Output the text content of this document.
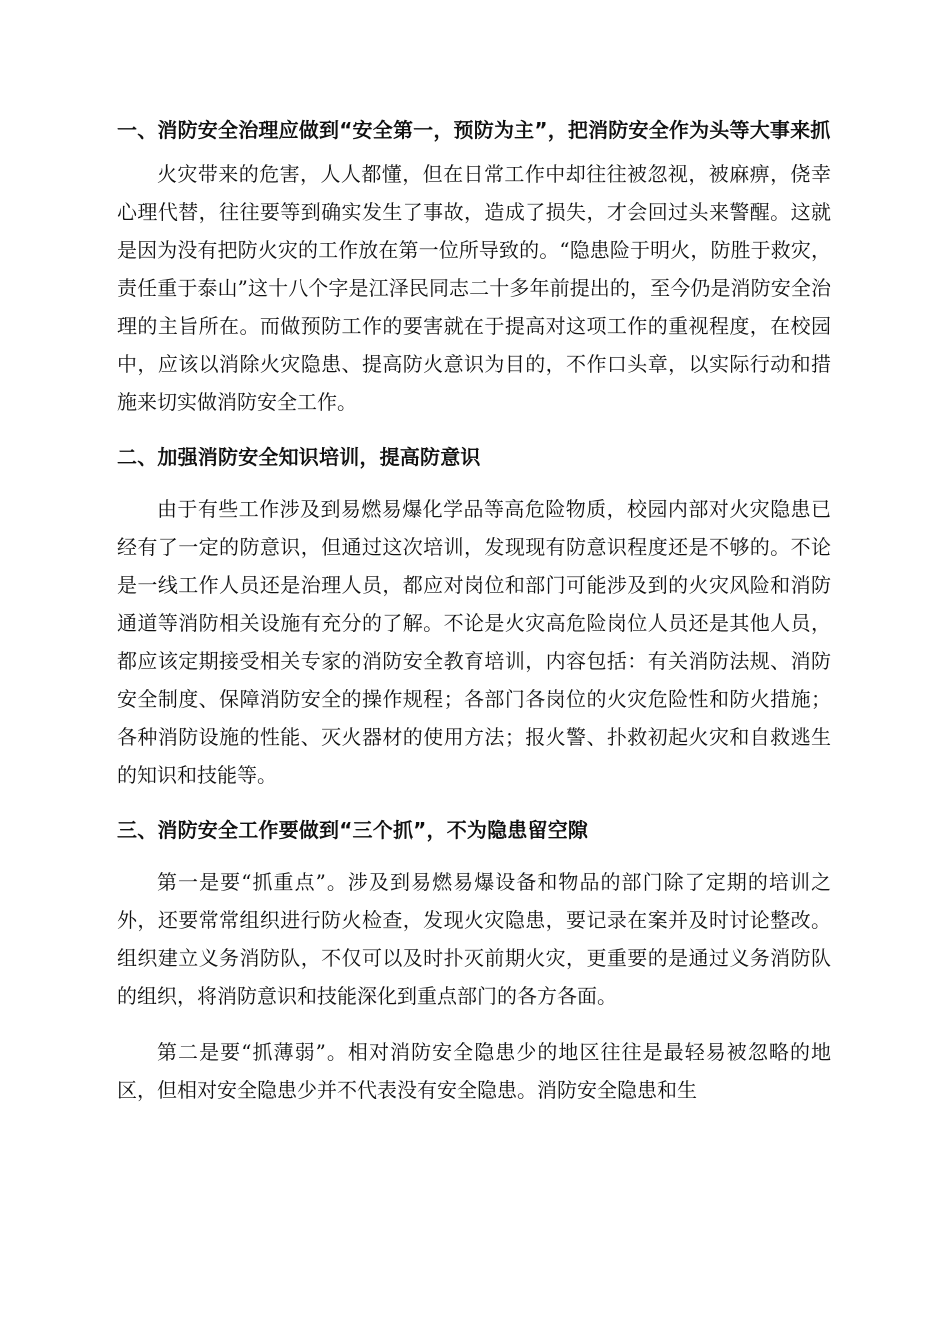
一、消防安全治理应做到“安全第一，预防为主”，把消防安全作为头等大事来抓

火灾带来的危害，人人都懂，但在日常工作中却往往被忽视，被麻痹，侥幸心理代替，往往要等到确实发生了事故，造成了损失，才会回过头来警醒。这就是因为没有把防火灾的工作放在第一位所导致的。“隐患险于明火，防胜于救灾，责任重于泰山”这十八个字是江泽民同志二十多年前提出的，至今仍是消防安全治理的主旨所在。而做预防工作的要害就在于提高对这项工作的重视程度，在校园中，应该以消除火灾隐患、提高防火意识为目的，不作口头章，以实际行动和措施来切实做消防安全工作。

二、加强消防安全知识培训，提高防意识

由于有些工作涉及到易燃易爆化学品等高危险物质，校园内部对火灾隐患已经有了一定的防意识，但通过这次培训，发现现有防意识程度还是不够的。不论是一线工作人员还是治理人员，都应对岗位和部门可能涉及到的火灾风险和消防通道等消防相关设施有充分的了解。不论是火灾高危险岗位人员还是其他人员，都应该定期接受相关专家的消防安全教育培训，内容包括：有关消防法规、消防安全制度、保障消防安全的操作规程；各部门各岗位的火灾危险性和防火措施；各种消防设施的性能、灭火器材的使用方法；报火警、扑救初起火灾和自救逃生的知识和技能等。

三、消防安全工作要做到“三个抓”，不为隐患留空隙

第一是要“抓重点”。涉及到易燃易爆设备和物品的部门除了定期的培训之外，还要常常组织进行防火检查，发现火灾隐患，要记录在案并及时讨论整改。组织建立义务消防队，不仅可以及时扑灭前期火灾，更重要的是通过义务消防队的组织，将消防意识和技能深化到重点部门的各方各面。

第二是要“抓薄弱”。相对消防安全隐患少的地区往往是最轻易被忽略的地区，但相对安全隐患少并不代表没有安全隐患。消防安全隐患和生
